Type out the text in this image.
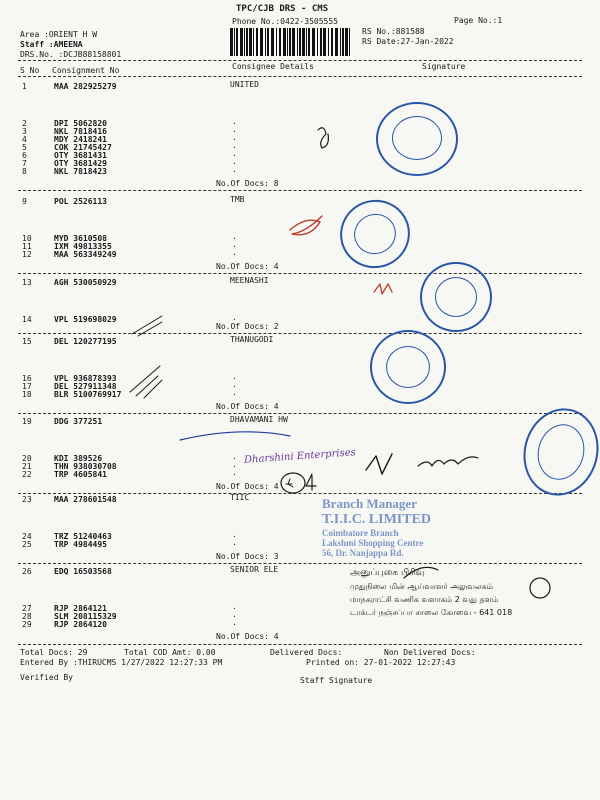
TPC/CJB DRS - CMS
Phone No.:0422-3505555	Page No.:1
Area :ORIENT H W
Staff :AMEENA
DRS.No. :DCJB88158801
RS No.:881588
RS Date:27-Jan-2022
S No Consignment No	Consignee Details	Signature
UNITED
1	MAA 282925279
2	DPI 5062820	.
3	NKL 7818416	.
4	MDY 2418241	.
5	COK 21745427	.
6	OTY 3681431	.
7	OTY 3681429	.
8	NKL 7818423	.
No.Of Docs: 8
TMB
9	POL 2526113
10	MYD 3610508	.
11	IXM 49813355	.
12	MAA 563349249	.
No.Of Docs: 4
MEENASHI
13	AGH 530050929
14	VPL 519698029	.
No.Of Docs: 2
THANUGODI
15	DEL 120277195
16	VPL 936878393	.
17	DEL 527911348	.
18	BLR 5100769917	.
No.Of Docs: 4
DHAVAMANI HW
19	DDG 377251
20	KDI 389526	.
21	THN 938030708	.
22	TRP 4605841	.
No.Of Docs: 4
TIIC
23	MAA 278601548
24	TRZ 51240463	.
25	TRP 4984495	.
No.Of Docs: 3
SENIOR ELE
26	EDQ 16503568
27	RJP 2864121	.
28	SLM 208115329	.
29	RJP 2864120	.
No.Of Docs: 4
Total Docs: 29	Total COD Amt: 0.00	Delivered Docs:	Non Delivered Docs:
Entered By :THIRUCMS 1/27/2022 12:27:33 PM	Printed on: 27-01-2022 12:27:43
Verified By	Staff Signature
Branch Manager
T.I.I.C. LIMITED
Coimbatore Branch
Lakshmi Shopping Centre
56, Dr. Nanjappa Rd.
அனுப்புகை பிரிவு
முதுநிலை மின் ஆய்வாளர் அலுவலகம்
மாநகராட்சி வணிக வளாகம் 2 வது தளம்
டாக்டர் நஞ்சப்பா சாலை கோவை - 641 018
Dharshini Enterprises
